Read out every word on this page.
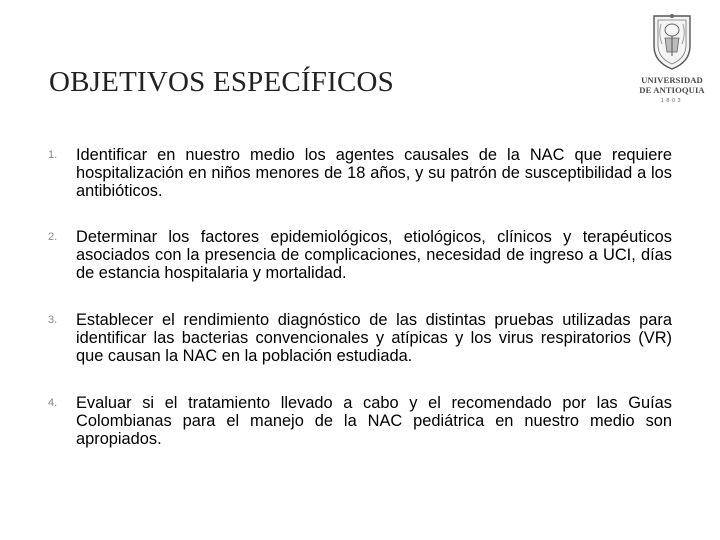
OBJETIVOS ESPECÍFICOS	UNIVERSIDAD
DE ANTIOQUIA
1803
1. Identificar en nuestro medio los agentes causales de la NAC que requiere hospitalización en niños menores de 18 años, y su patrón de susceptibilidad a los antibióticos.
2. Determinar los factores epidemiológicos, etiológicos, clínicos y terapéuticos asociados con la presencia de complicaciones, necesidad de ingreso a UCI, días de estancia hospitalaria y mortalidad.
3. Establecer el rendimiento diagnóstico de las distintas pruebas utilizadas para identificar las bacterias convencionales y atípicas y los virus respiratorios (VR) que causan la NAC en la población estudiada.
4. Evaluar si el tratamiento llevado a cabo y el recomendado por las Guías Colombianas para el manejo de la NAC pediátrica en nuestro medio son apropiados.
